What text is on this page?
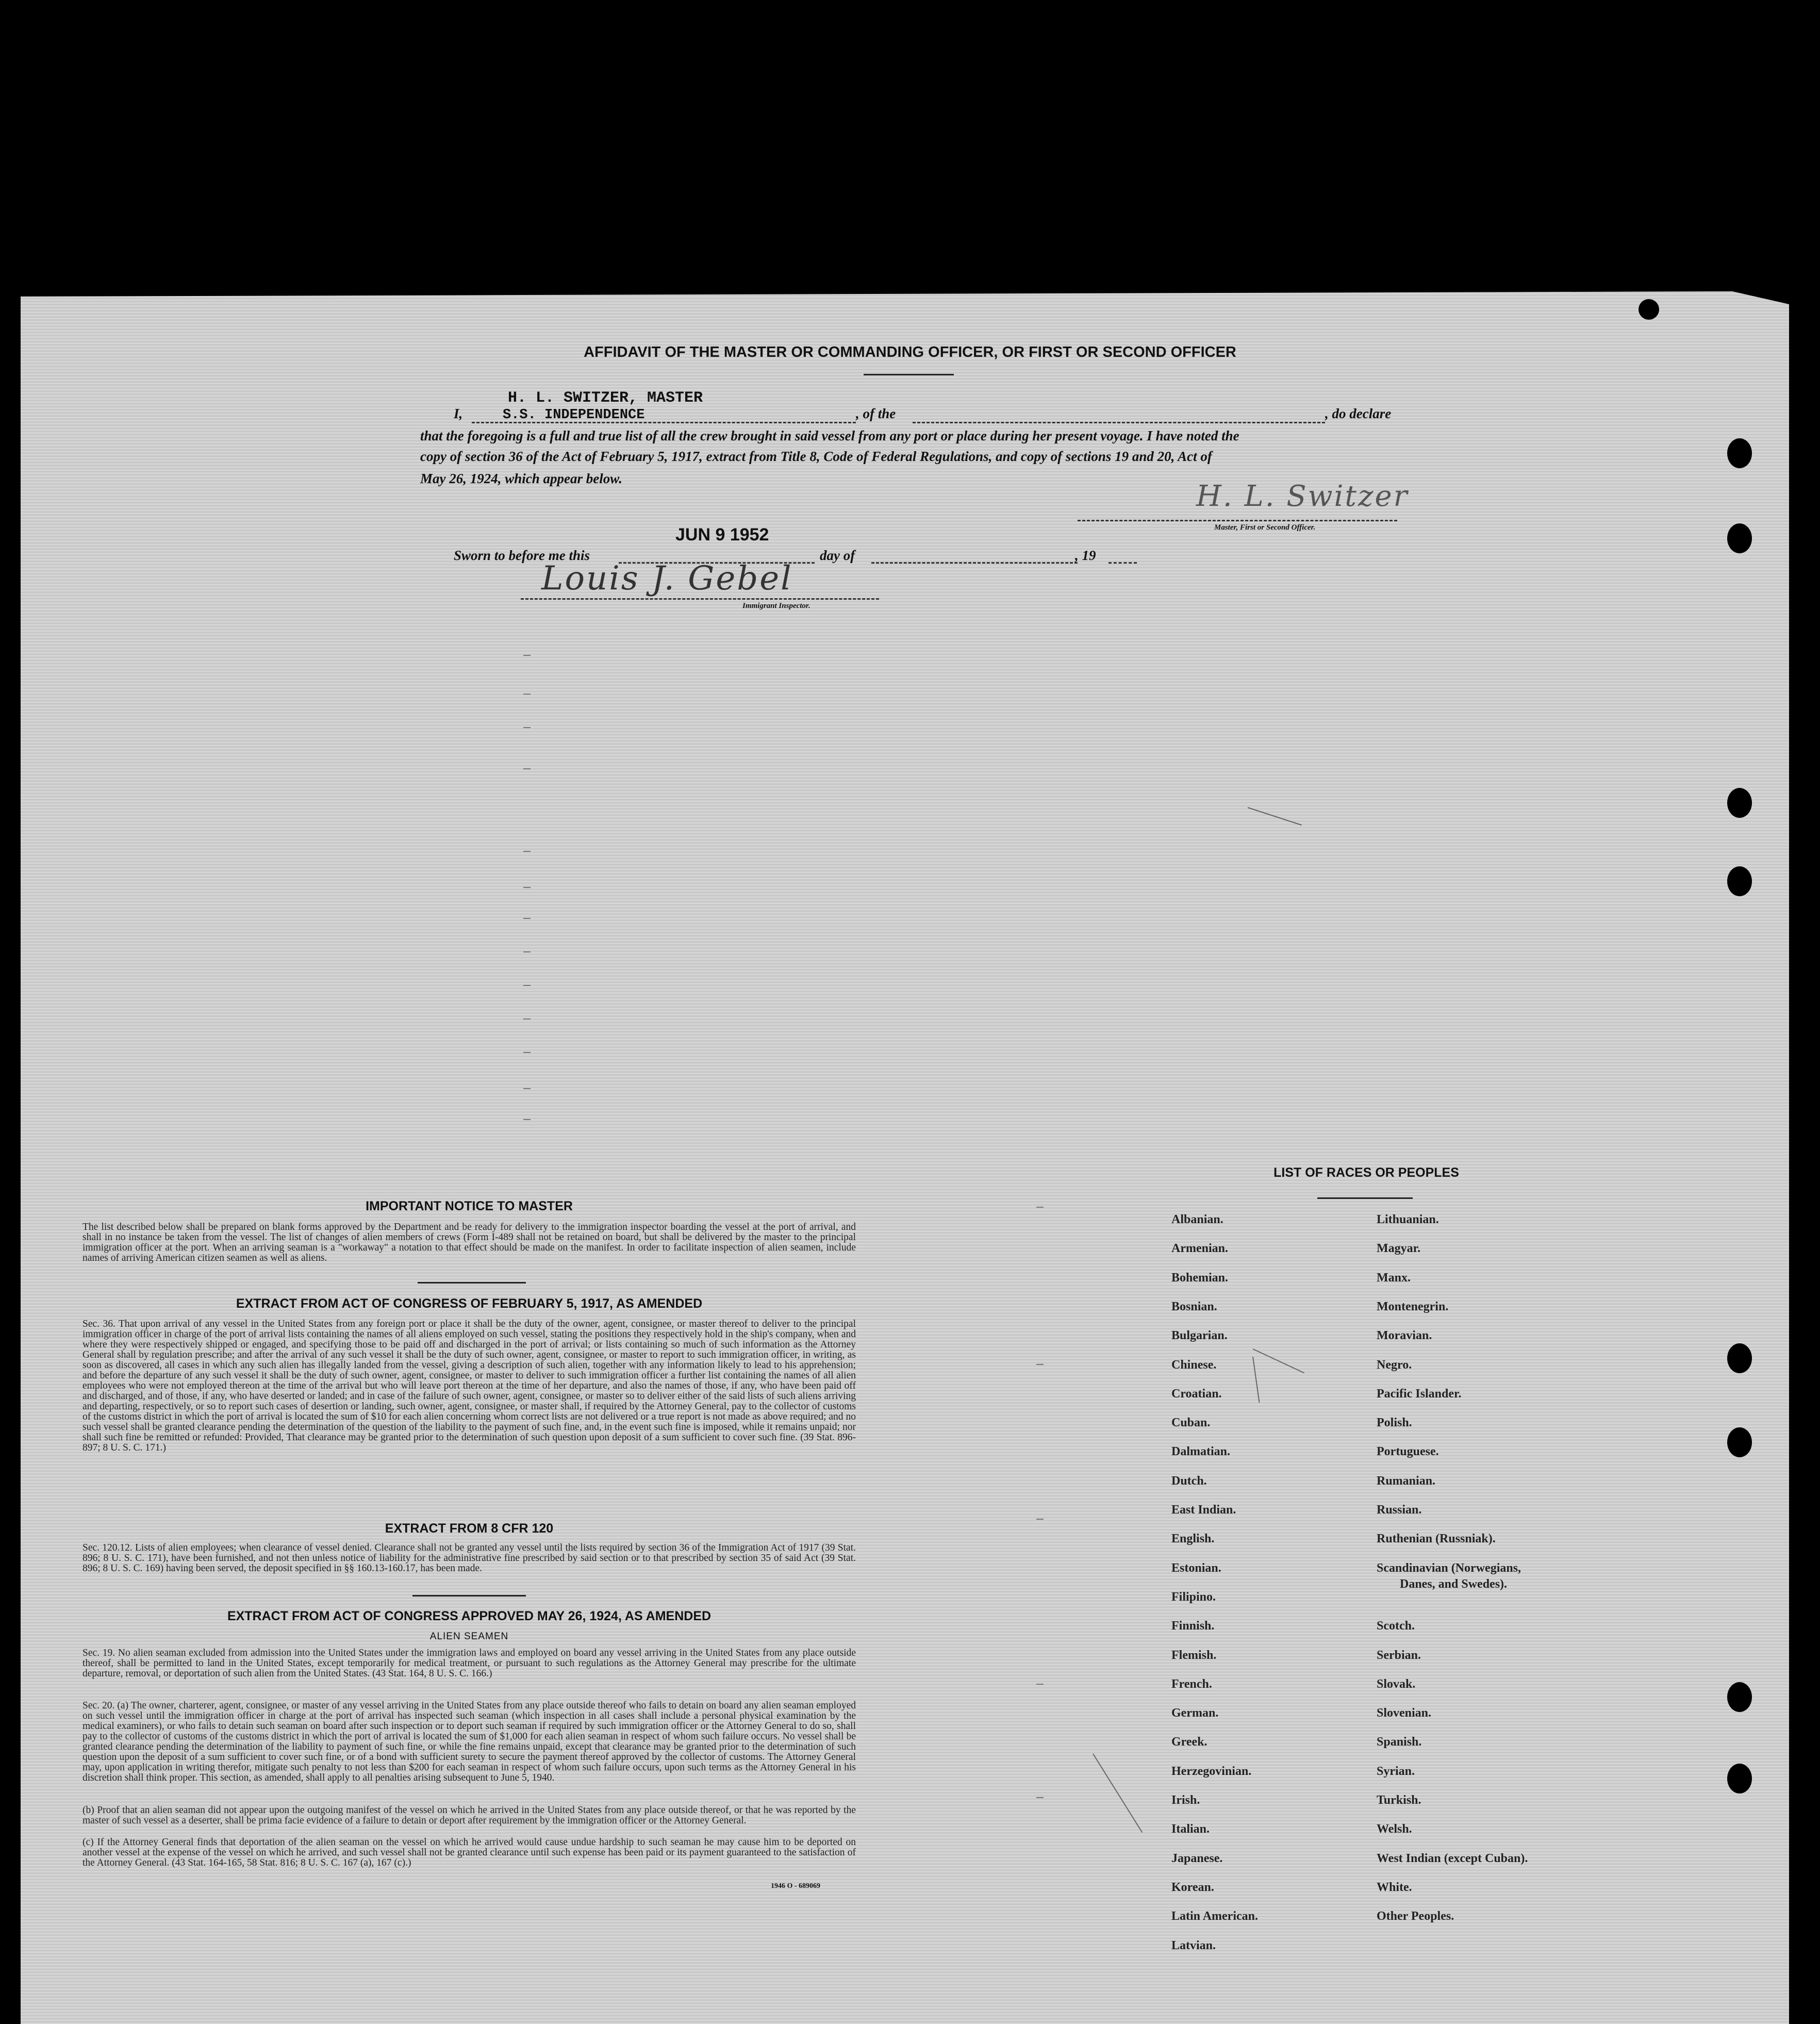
AFFIDAVIT OF THE MASTER OR COMMANDING OFFICER, OR FIRST OR SECOND OFFICER
H. L. SWITZER, MASTER
I,	S.S. INDEPENDENCE	, of the	, do declare
that the foregoing is a full and true list of all the crew brought in said vessel from any port or place during her present voyage. I have noted the
copy of section 36 of the Act of February 5, 1917, extract from Title 8, Code of Federal Regulations, and copy of sections 19 and 20, Act of
May 26, 1924, which appear below.
H. L. Switzer
Master, First or Second Officer.
Sworn to before me this
JUN 9 1952
day of	, 19
Louis J. Gebel
Immigrant Inspector.
IMPORTANT NOTICE TO MASTER
The list described below shall be prepared on blank forms approved by the Department and be ready for delivery to the immigration inspector boarding the vessel at the port of arrival, and shall in no instance be taken from the vessel. The list of changes of alien members of crews (Form I-489 shall not be retained on board, but shall be delivered by the master to the principal immigration officer at the port. When an arriving seaman is a "workaway" a notation to that effect should be made on the manifest. In order to facilitate inspection of alien seamen, include names of arriving American citizen seamen as well as aliens.
EXTRACT FROM ACT OF CONGRESS OF FEBRUARY 5, 1917, AS AMENDED
Sec. 36. That upon arrival of any vessel in the United States from any foreign port or place it shall be the duty of the owner, agent, consignee, or master thereof to deliver to the principal immigration officer in charge of the port of arrival lists containing the names of all aliens employed on such vessel, stating the positions they respectively hold in the ship's company, when and where they were respectively shipped or engaged, and specifying those to be paid off and discharged in the port of arrival; or lists containing so much of such information as the Attorney General shall by regulation prescribe; and after the arrival of any such vessel it shall be the duty of such owner, agent, consignee, or master to report to such immigration officer, in writing, as soon as discovered, all cases in which any such alien has illegally landed from the vessel, giving a description of such alien, together with any information likely to lead to his apprehension; and before the departure of any such vessel it shall be the duty of such owner, agent, consignee, or master to deliver to such immigration officer a further list containing the names of all alien employees who were not employed thereon at the time of the arrival but who will leave port thereon at the time of her departure, and also the names of those, if any, who have been paid off and discharged, and of those, if any, who have deserted or landed; and in case of the failure of such owner, agent, consignee, or master so to deliver either of the said lists of such aliens arriving and departing, respectively, or so to report such cases of desertion or landing, such owner, agent, consignee, or master shall, if required by the Attorney General, pay to the collector of customs of the customs district in which the port of arrival is located the sum of $10 for each alien concerning whom correct lists are not delivered or a true report is not made as above required; and no such vessel shall be granted clearance pending the determination of the question of the liability to the payment of such fine, and, in the event such fine is imposed, while it remains unpaid; nor shall such fine be remitted or refunded: Provided, That clearance may be granted prior to the determination of such question upon deposit of a sum sufficient to cover such fine. (39 Stat. 896-897; 8 U. S. C. 171.)
EXTRACT FROM 8 CFR 120
Sec. 120.12. Lists of alien employees; when clearance of vessel denied. Clearance shall not be granted any vessel until the lists required by section 36 of the Immigration Act of 1917 (39 Stat. 896; 8 U. S. C. 171), have been furnished, and not then unless notice of liability for the administrative fine prescribed by said section or to that prescribed by section 35 of said Act (39 Stat. 896; 8 U. S. C. 169) having been served, the deposit specified in §§ 160.13-160.17, has been made.
EXTRACT FROM ACT OF CONGRESS APPROVED MAY 26, 1924, AS AMENDED
ALIEN SEAMEN
Sec. 19. No alien seaman excluded from admission into the United States under the immigration laws and employed on board any vessel arriving in the United States from any place outside thereof, shall be permitted to land in the United States, except temporarily for medical treatment, or pursuant to such regulations as the Attorney General may prescribe for the ultimate departure, removal, or deportation of such alien from the United States. (43 Stat. 164, 8 U. S. C. 166.)
Sec. 20. (a) The owner, charterer, agent, consignee, or master of any vessel arriving in the United States from any place outside thereof who fails to detain on board any alien seaman employed on such vessel until the immigration officer in charge at the port of arrival has inspected such seaman (which inspection in all cases shall include a personal physical examination by the medical examiners), or who fails to detain such seaman on board after such inspection or to deport such seaman if required by such immigration officer or the Attorney General to do so, shall pay to the collector of customs of the customs district in which the port of arrival is located the sum of $1,000 for each alien seaman in respect of whom such failure occurs. No vessel shall be granted clearance pending the determination of the liability to payment of such fine, or while the fine remains unpaid, except that clearance may be granted prior to the determination of such question upon the deposit of a sum sufficient to cover such fine, or of a bond with sufficient surety to secure the payment thereof approved by the collector of customs. The Attorney General may, upon application in writing therefor, mitigate such penalty to not less than $200 for each seaman in respect of whom such failure occurs, upon such terms as the Attorney General in his discretion shall think proper. This section, as amended, shall apply to all penalties arising subsequent to June 5, 1940.
(b) Proof that an alien seaman did not appear upon the outgoing manifest of the vessel on which he arrived in the United States from any place outside thereof, or that he was reported by the master of such vessel as a deserter, shall be prima facie evidence of a failure to detain or deport after requirement by the immigration officer or the Attorney General.
(c) If the Attorney General finds that deportation of the alien seaman on the vessel on which he arrived would cause undue hardship to such seaman he may cause him to be deported on another vessel at the expense of the vessel on which he arrived, and such vessel shall not be granted clearance until such expense has been paid or its payment guaranteed to the satisfaction of the Attorney General. (43 Stat. 164-165, 58 Stat. 816; 8 U. S. C. 167 (a), 167 (c).)
1946 O - 689069
LIST OF RACES OR PEOPLES
Albanian.
Armenian.
Bohemian.
Bosnian.
Bulgarian.
Chinese.
Croatian.
Cuban.
Dalmatian.
Dutch.
East Indian.
English.
Estonian.
Filipino.
Finnish.
Flemish.
French.
German.
Greek.
Herzegovinian.
Irish.
Italian.
Japanese.
Korean.
Latin American.
Latvian.
Lithuanian.
Magyar.
Manx.
Montenegrin.
Moravian.
Negro.
Pacific Islander.
Polish.
Portuguese.
Rumanian.
Russian.
Ruthenian (Russniak).
Scandinavian (Norwegians,
Danes, and Swedes).
Scotch.
Serbian.
Slovak.
Slovenian.
Spanish.
Syrian.
Turkish.
Welsh.
West Indian (except Cuban).
White.
Other Peoples.
